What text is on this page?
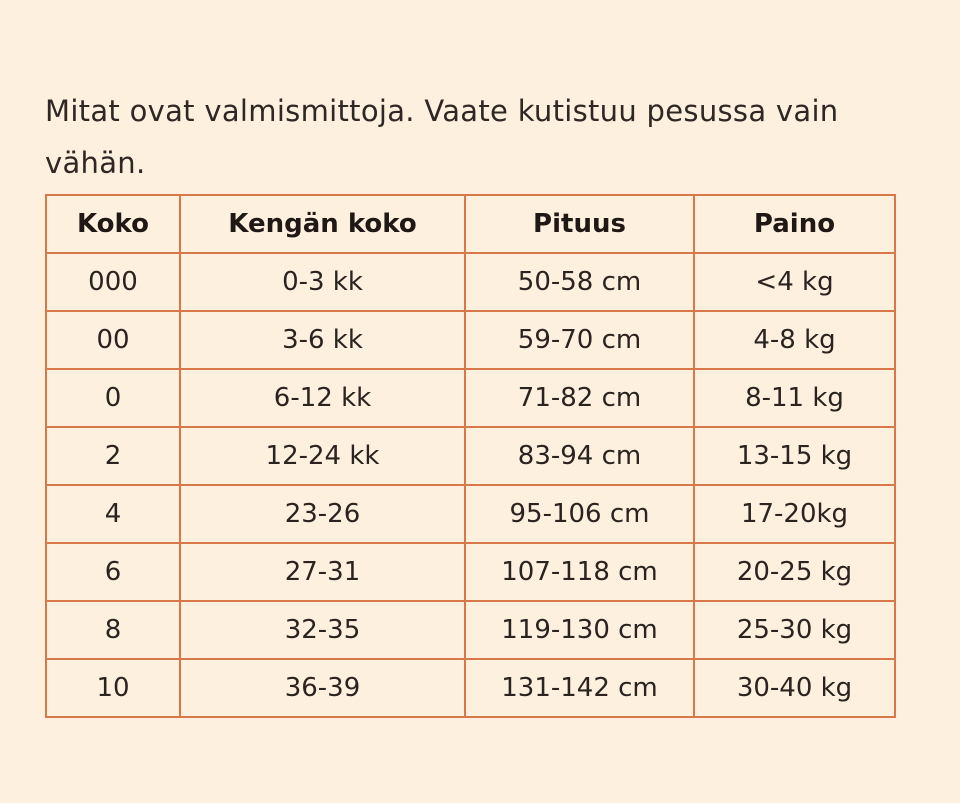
Mitat ovat valmismittoja. Vaate kutistuu pesussa vain vähän.

Koko	Kengän koko	Pituus	Paino
000	0-3 kk	50-58 cm	<4 kg
00	3-6 kk	59-70 cm	4-8 kg
0	6-12 kk	71-82 cm	8-11 kg
2	12-24 kk	83-94 cm	13-15 kg
4	23-26	95-106 cm	17-20kg
6	27-31	107-118 cm	20-25 kg
8	32-35	119-130 cm	25-30 kg
10	36-39	131-142 cm	30-40 kg
